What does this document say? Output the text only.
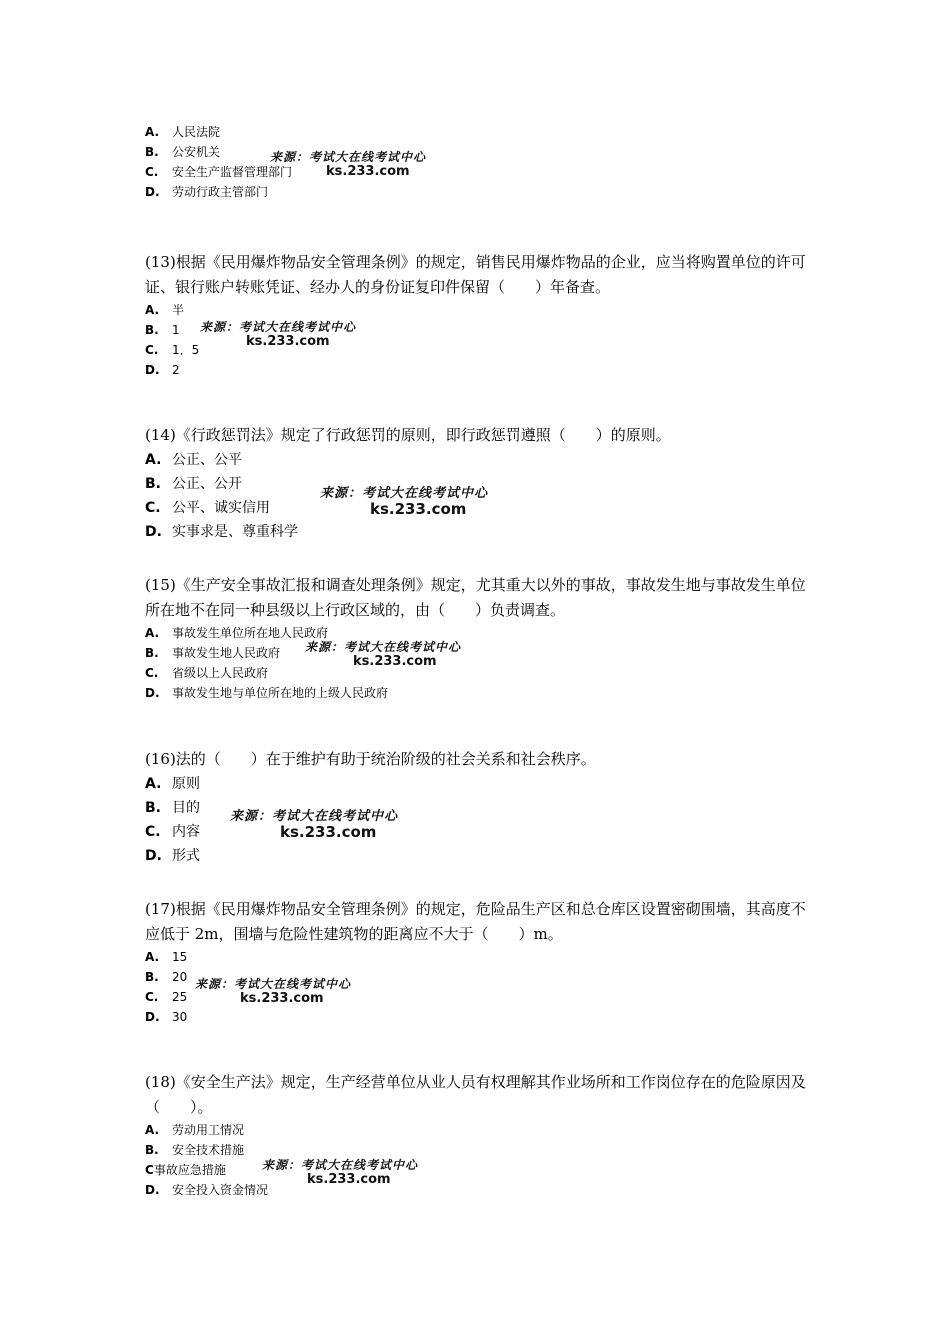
A.	人民法院
B.	公安机关
C.	安全生产监督管理部门
D.	劳动行政主管部门
来源：考试大在线考试中心
ks.233.com
(13)根据《民用爆炸物品安全管理条例》的规定，销售民用爆炸物品的企业，应当将购置单位的许可证、银行账户转账凭证、经办人的身份证复印件保留（　　）年备查。
A.	半
B.	1
C.	1．5
D.	2
来源：考试大在线考试中心
ks.233.com
(14)《行政惩罚法》规定了行政惩罚的原则，即行政惩罚遵照（　　）的原则。
A. 公正、公平
B. 公正、公开
C. 公平、诚实信用
D. 实事求是、尊重科学
来源：考试大在线考试中心
ks.233.com
(15)《生产安全事故汇报和调查处理条例》规定，尤其重大以外的事故，事故发生地与事故发生单位所在地不在同一种县级以上行政区域的，由（　　）负责调查。
A.	事故发生单位所在地人民政府
B.	事故发生地人民政府
C.	省级以上人民政府
D.	事故发生地与单位所在地的上级人民政府
来源：考试大在线考试中心
ks.233.com
(16)法的（　　）在于维护有助于统治阶级的社会关系和社会秩序。
A. 原则
B. 目的
C. 内容
D. 形式
来源：考试大在线考试中心
ks.233.com
(17)根据《民用爆炸物品安全管理条例》的规定，危险品生产区和总仓库区设置密砌围墙，其高度不应低于 2m，围墙与危险性建筑物的距离应不大于（　　）m。
A.	15
B.	20
C.	25
D.	30
来源：考试大在线考试中心
ks.233.com
(18)《安全生产法》规定，生产经营单位从业人员有权理解其作业场所和工作岗位存在的危险原因及（　　）。
A.	劳动用工情况
B.	安全技术措施
C 事故应急措施
D.	安全投入资金情况
来源：考试大在线考试中心
ks.233.com
